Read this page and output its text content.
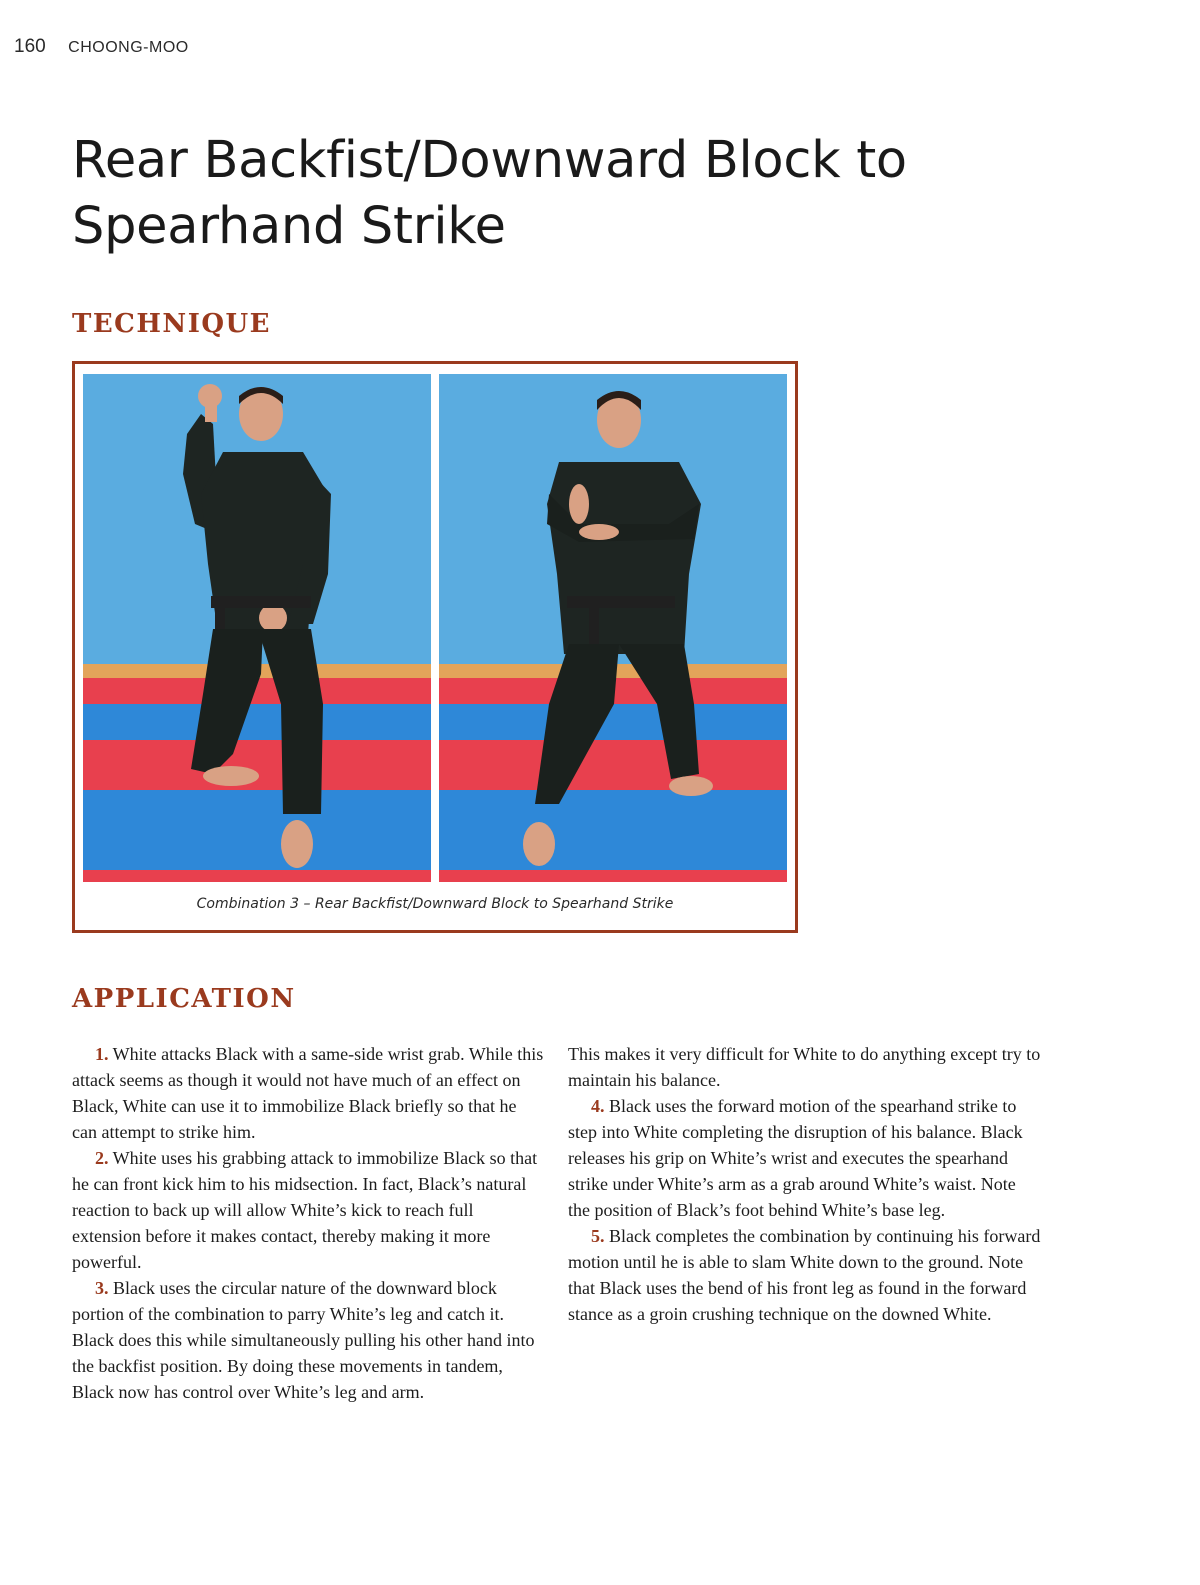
160 CHOONG-MOO
Rear Backfist/Downward Block to Spearhand Strike
TECHNIQUE
Combination 3 – Rear Backfist/Downward Block to Spearhand Strike
APPLICATION

1. White attacks Black with a same-side wrist grab. While this attack seems as though it would not have much of an effect on Black, White can use it to immobilize Black briefly so that he can attempt to strike him.

2. White uses his grabbing attack to immobilize Black so that he can front kick him to his midsection. In fact, Black’s natural reaction to back up will allow White’s kick to reach full extension before it makes contact, thereby making it more powerful.

3. Black uses the circular nature of the downward block portion of the combination to parry White’s leg and catch it. Black does this while simultaneously pulling his other hand into the backfist position. By doing these movements in tandem, Black now has control over White’s leg and arm.

This makes it very difficult for White to do anything except try to maintain his balance.

4. Black uses the forward motion of the spearhand strike to step into White completing the disruption of his balance. Black releases his grip on White’s wrist and executes the spearhand strike under White’s arm as a grab around White’s waist. Note the position of Black’s foot behind White’s base leg.

5. Black completes the combination by continuing his forward motion until he is able to slam White down to the ground. Note that Black uses the bend of his front leg as found in the forward stance as a groin crushing technique on the downed White.
